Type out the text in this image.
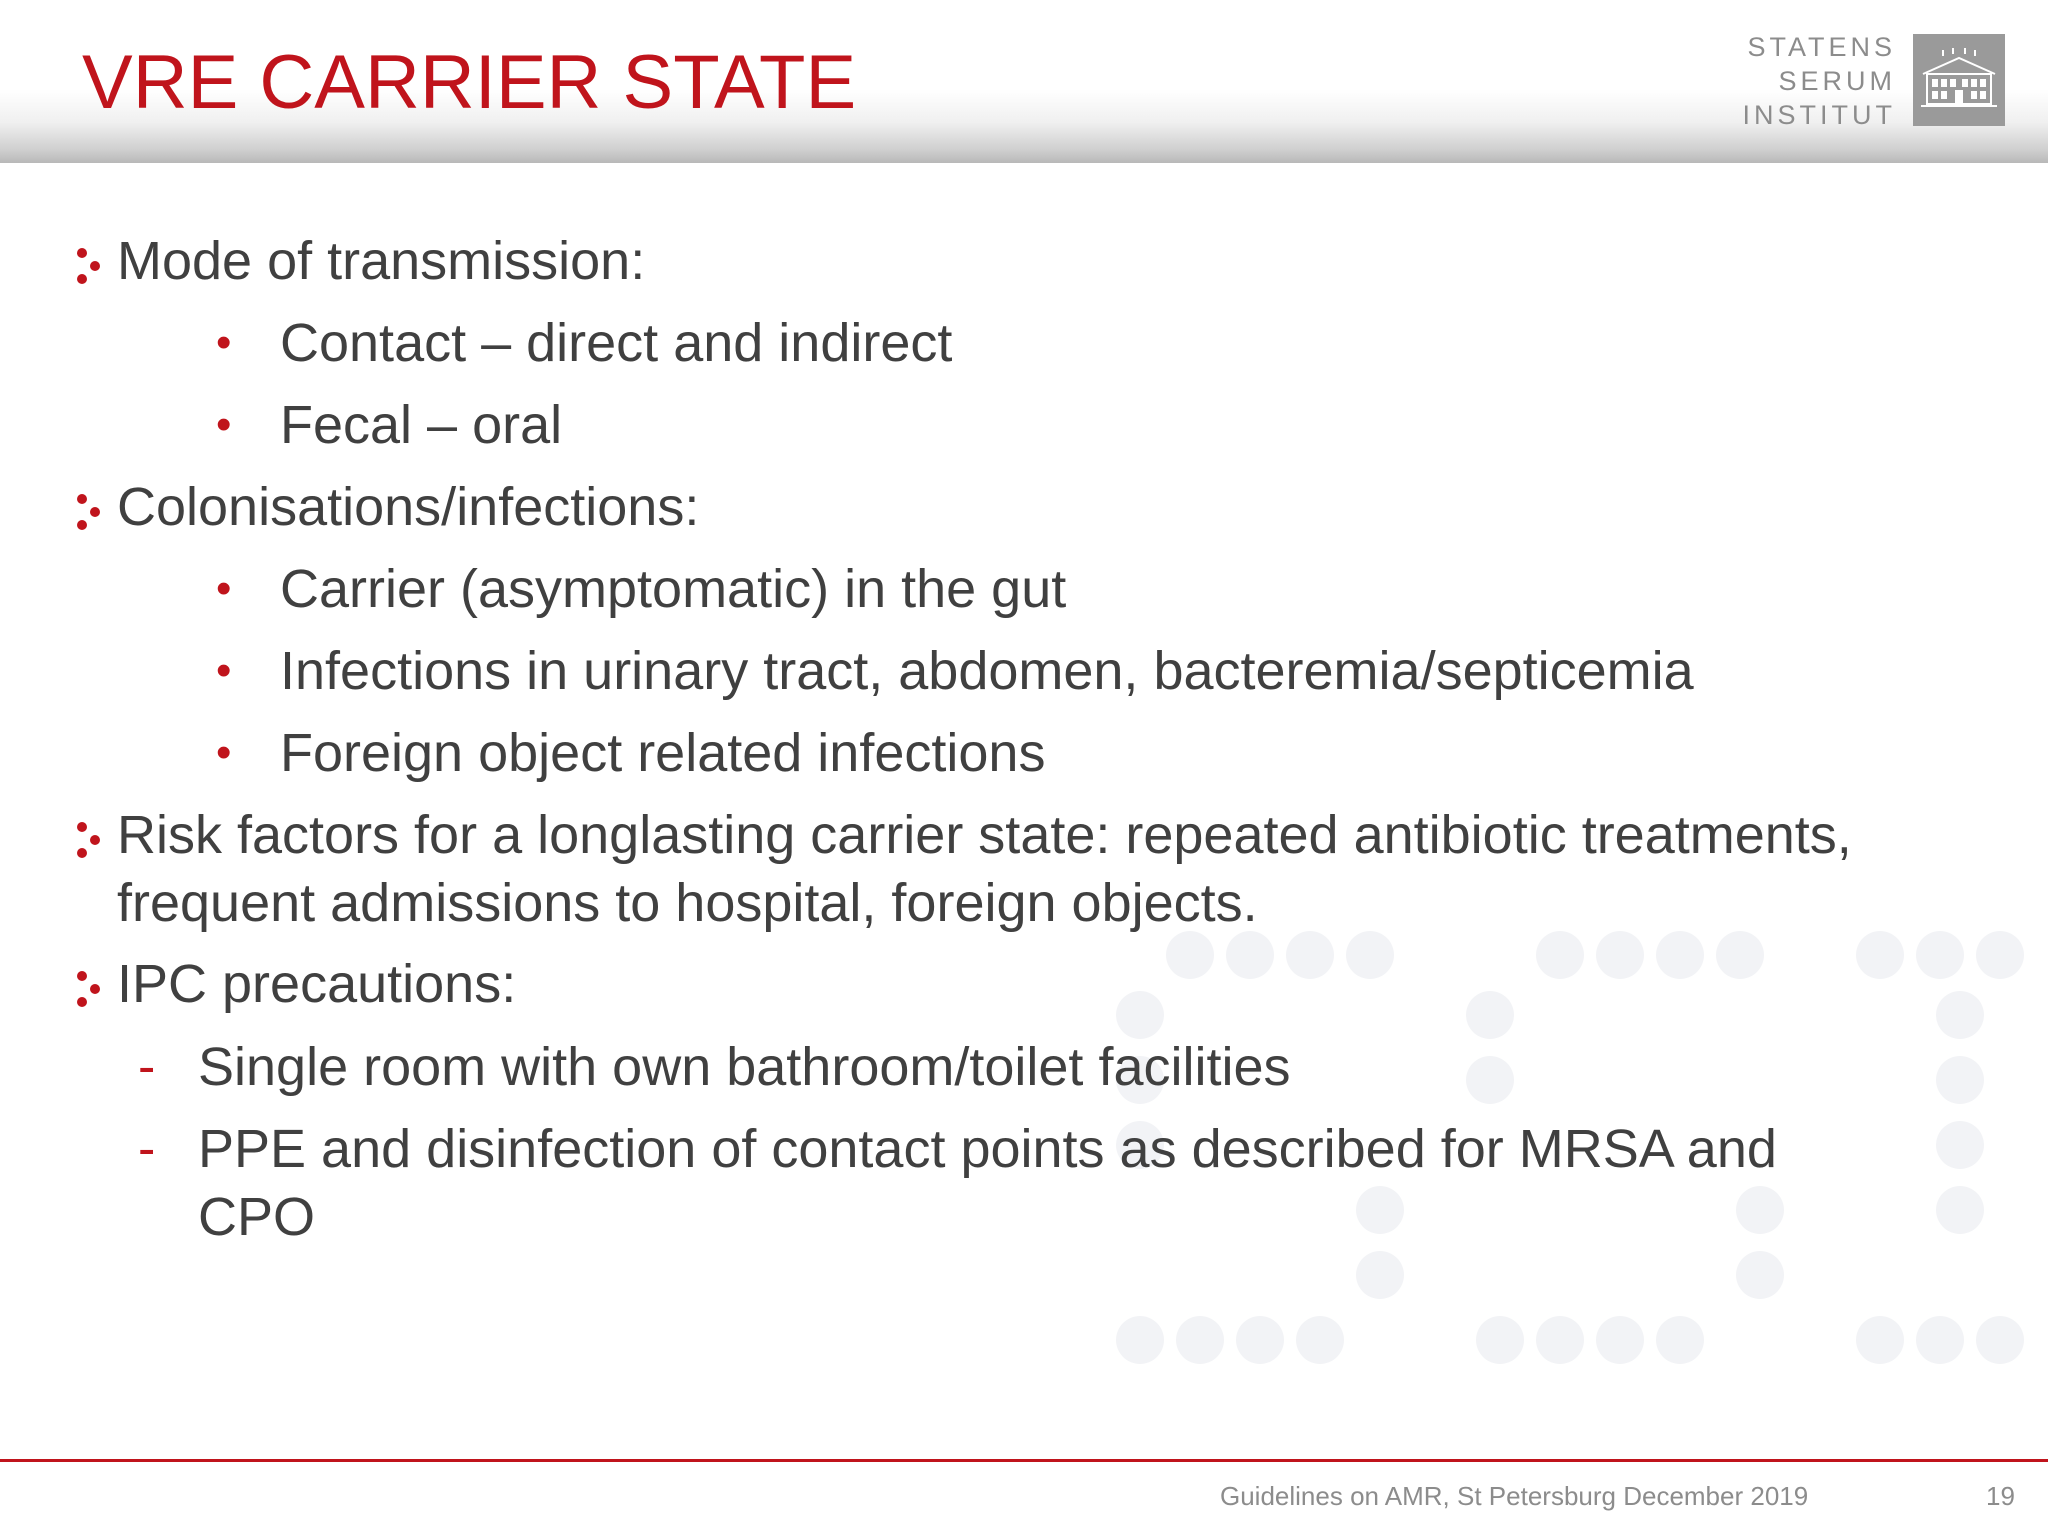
VRE CARRIER STATE	STATENS
SERUM
INSTITUT
Mode of transmission:
• Contact – direct and indirect
• Fecal – oral
Colonisations/infections:
• Carrier (asymptomatic) in the gut
• Infections in urinary tract, abdomen, bacteremia/septicemia
• Foreign object related infections
Risk factors for a longlasting carrier state: repeated antibiotic treatments,
frequent admissions to hospital, foreign objects.
IPC precautions:
- Single room with own bathroom/toilet facilities
- PPE and disinfection of contact points as described for MRSA and
CPO
Guidelines on AMR, St Petersburg December 2019	19
